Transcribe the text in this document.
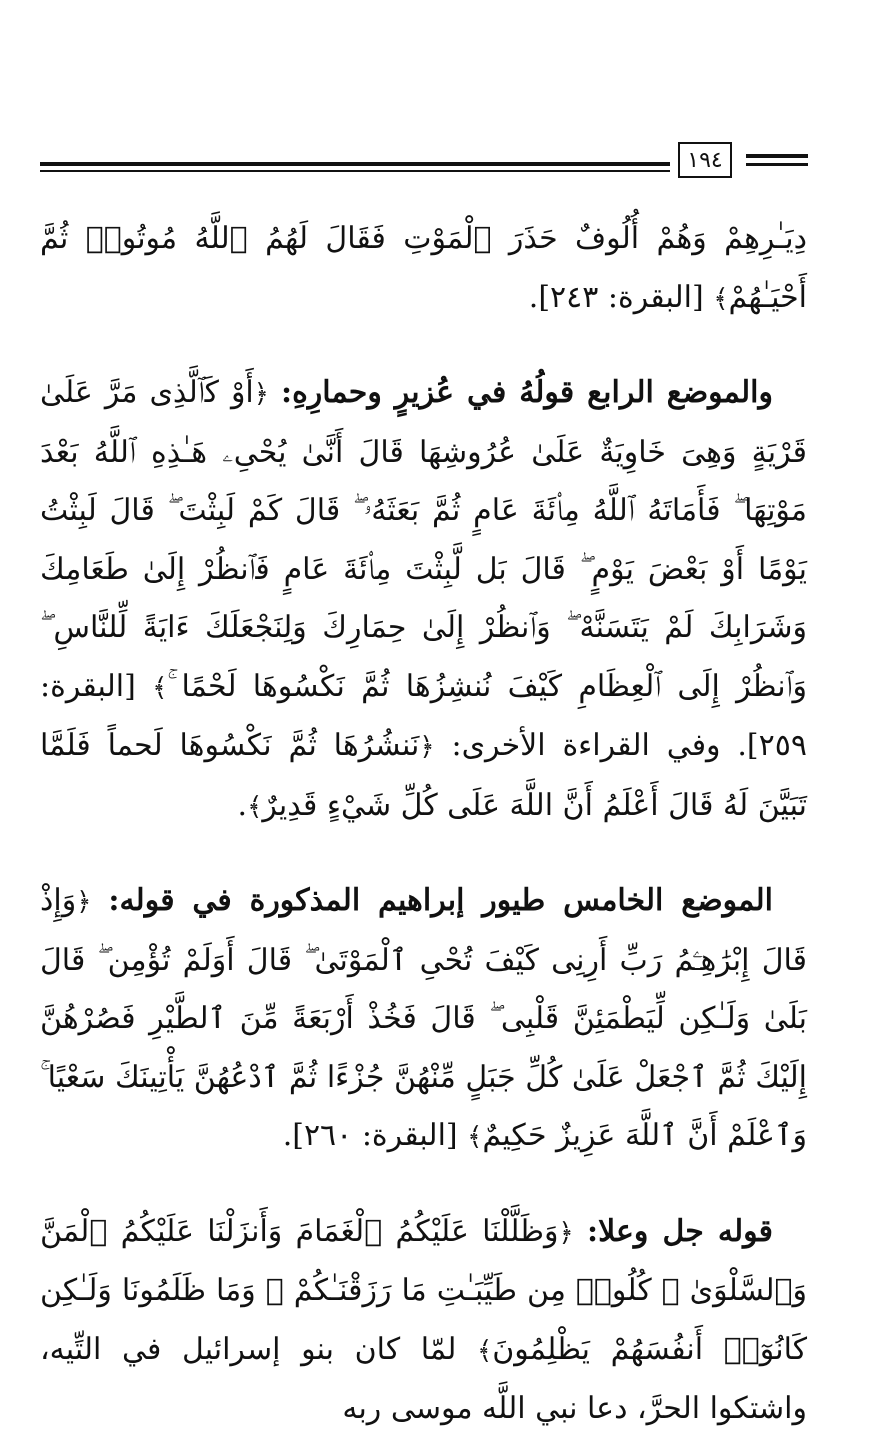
١٩٤

دِيَـٰرِهِمْ وَهُمْ أُلُوفٌ حَذَرَ ٱلْمَوْتِ فَقَالَ لَهُمُ ٱللَّهُ مُوتُوا۟ ثُمَّ أَحْيَـٰهُمْ﴾ [البقرة: ٢٤٣].

والموضع الرابع قولُهُ في عُزيرٍ وحمارِهِ: ﴿أَوْ كَٱلَّذِى مَرَّ عَلَىٰ قَرْيَةٍ وَهِىَ خَاوِيَةٌ عَلَىٰ عُرُوشِهَا قَالَ أَنَّىٰ يُحْىِۦ هَـٰذِهِ ٱللَّهُ بَعْدَ مَوْتِهَا ۖ فَأَمَاتَهُ ٱللَّهُ مِا۟ئَةَ عَامٍ ثُمَّ بَعَثَهُۥ ۖ قَالَ كَمْ لَبِثْتَ ۖ قَالَ لَبِثْتُ يَوْمًا أَوْ بَعْضَ يَوْمٍ ۖ قَالَ بَل لَّبِثْتَ مِا۟ئَةَ عَامٍ فَٱنظُرْ إِلَىٰ طَعَامِكَ وَشَرَابِكَ لَمْ يَتَسَنَّهْ ۖ وَٱنظُرْ إِلَىٰ حِمَارِكَ وَلِنَجْعَلَكَ ءَايَةً لِّلنَّاسِ ۖ وَٱنظُرْ إِلَى ٱلْعِظَامِ كَيْفَ نُنشِزُهَا ثُمَّ نَكْسُوهَا لَحْمًا ۚ﴾ [البقرة: ٢٥٩]. وفي القراءة الأخرى: ﴿نَنشُرُهَا ثُمَّ نَكْسُوهَا لَحماً فَلَمَّا تَبَيَّنَ لَهُ قَالَ أَعْلَمُ أَنَّ اللَّهَ عَلَى كُلِّ شَيْءٍ قَدِيرٌ﴾.

الموضع الخامس طيور إبراهيم المذكورة في قوله: ﴿وَإِذْ قَالَ إِبْرَٰهِـۧمُ رَبِّ أَرِنِى كَيْفَ تُحْىِ ٱلْمَوْتَىٰ ۖ قَالَ أَوَلَمْ تُؤْمِن ۖ قَالَ بَلَىٰ وَلَـٰكِن لِّيَطْمَئِنَّ قَلْبِى ۖ قَالَ فَخُذْ أَرْبَعَةً مِّنَ ٱلطَّيْرِ فَصُرْهُنَّ إِلَيْكَ ثُمَّ ٱجْعَلْ عَلَىٰ كُلِّ جَبَلٍ مِّنْهُنَّ جُزْءًا ثُمَّ ٱدْعُهُنَّ يَأْتِينَكَ سَعْيًا ۚ وَٱعْلَمْ أَنَّ ٱللَّهَ عَزِيزٌ حَكِيمٌ﴾ [البقرة: ٢٦٠].

قوله جل وعلا: ﴿وَظَلَّلْنَا عَلَيْكُمُ ٱلْغَمَامَ وَأَنزَلْنَا عَلَيْكُمُ ٱلْمَنَّ وَٱلسَّلْوَىٰ ۖ كُلُوا۟ مِن طَيِّبَـٰتِ مَا رَزَقْنَـٰكُمْ ۖ وَمَا ظَلَمُونَا وَلَـٰكِن كَانُوٓا۟ أَنفُسَهُمْ يَظْلِمُونَ﴾ لمّا كان بنو إسرائيل في التِّيه، واشتكوا الحرَّ، دعا نبي اللَّه موسى ربه
